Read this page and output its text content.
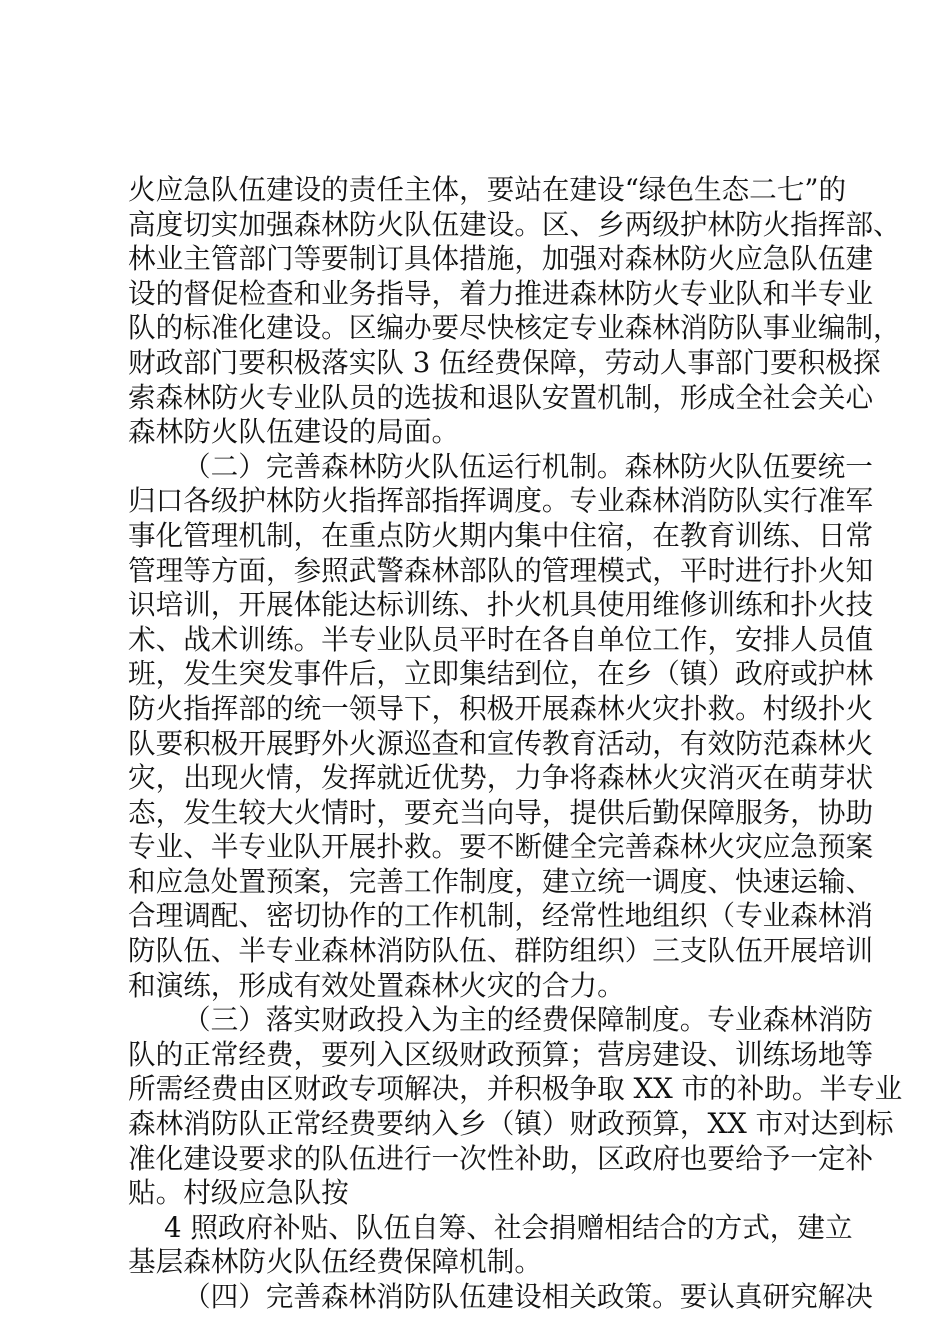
火应急队伍建设的责任主体，要站在建设“绿色生态二七”的
高度切实加强森林防火队伍建设。区、乡两级护林防火指挥部、
林业主管部门等要制订具体措施，加强对森林防火应急队伍建
设的督促检查和业务指导，着力推进森林防火专业队和半专业
队的标准化建设。区编办要尽快核定专业森林消防队事业编制，
财政部门要积极落实队 3 伍经费保障，劳动人事部门要积极探
索森林防火专业队员的选拔和退队安置机制，形成全社会关心
森林防火队伍建设的局面。
（二）完善森林防火队伍运行机制。森林防火队伍要统一
归口各级护林防火指挥部指挥调度。专业森林消防队实行准军
事化管理机制，在重点防火期内集中住宿，在教育训练、日常
管理等方面，参照武警森林部队的管理模式，平时进行扑火知
识培训，开展体能达标训练、扑火机具使用维修训练和扑火技
术、战术训练。半专业队员平时在各自单位工作，安排人员值
班，发生突发事件后，立即集结到位，在乡（镇）政府或护林
防火指挥部的统一领导下，积极开展森林火灾扑救。村级扑火
队要积极开展野外火源巡查和宣传教育活动，有效防范森林火
灾，出现火情，发挥就近优势，力争将森林火灾消灭在萌芽状
态，发生较大火情时，要充当向导，提供后勤保障服务，协助
专业、半专业队开展扑救。要不断健全完善森林火灾应急预案
和应急处置预案，完善工作制度，建立统一调度、快速运输、
合理调配、密切协作的工作机制，经常性地组织（专业森林消
防队伍、半专业森林消防队伍、群防组织）三支队伍开展培训
和演练，形成有效处置森林火灾的合力。
（三）落实财政投入为主的经费保障制度。专业森林消防
队的正常经费，要列入区级财政预算；营房建设、训练场地等
所需经费由区财政专项解决，并积极争取 XX 市的补助。半专业
森林消防队正常经费要纳入乡（镇）财政预算，XX 市对达到标
准化建设要求的队伍进行一次性补助，区政府也要给予一定补
贴。村级应急队按
4 照政府补贴、队伍自筹、社会捐赠相结合的方式，建立
基层森林防火队伍经费保障机制。
（四）完善森林消防队伍建设相关政策。要认真研究解决
